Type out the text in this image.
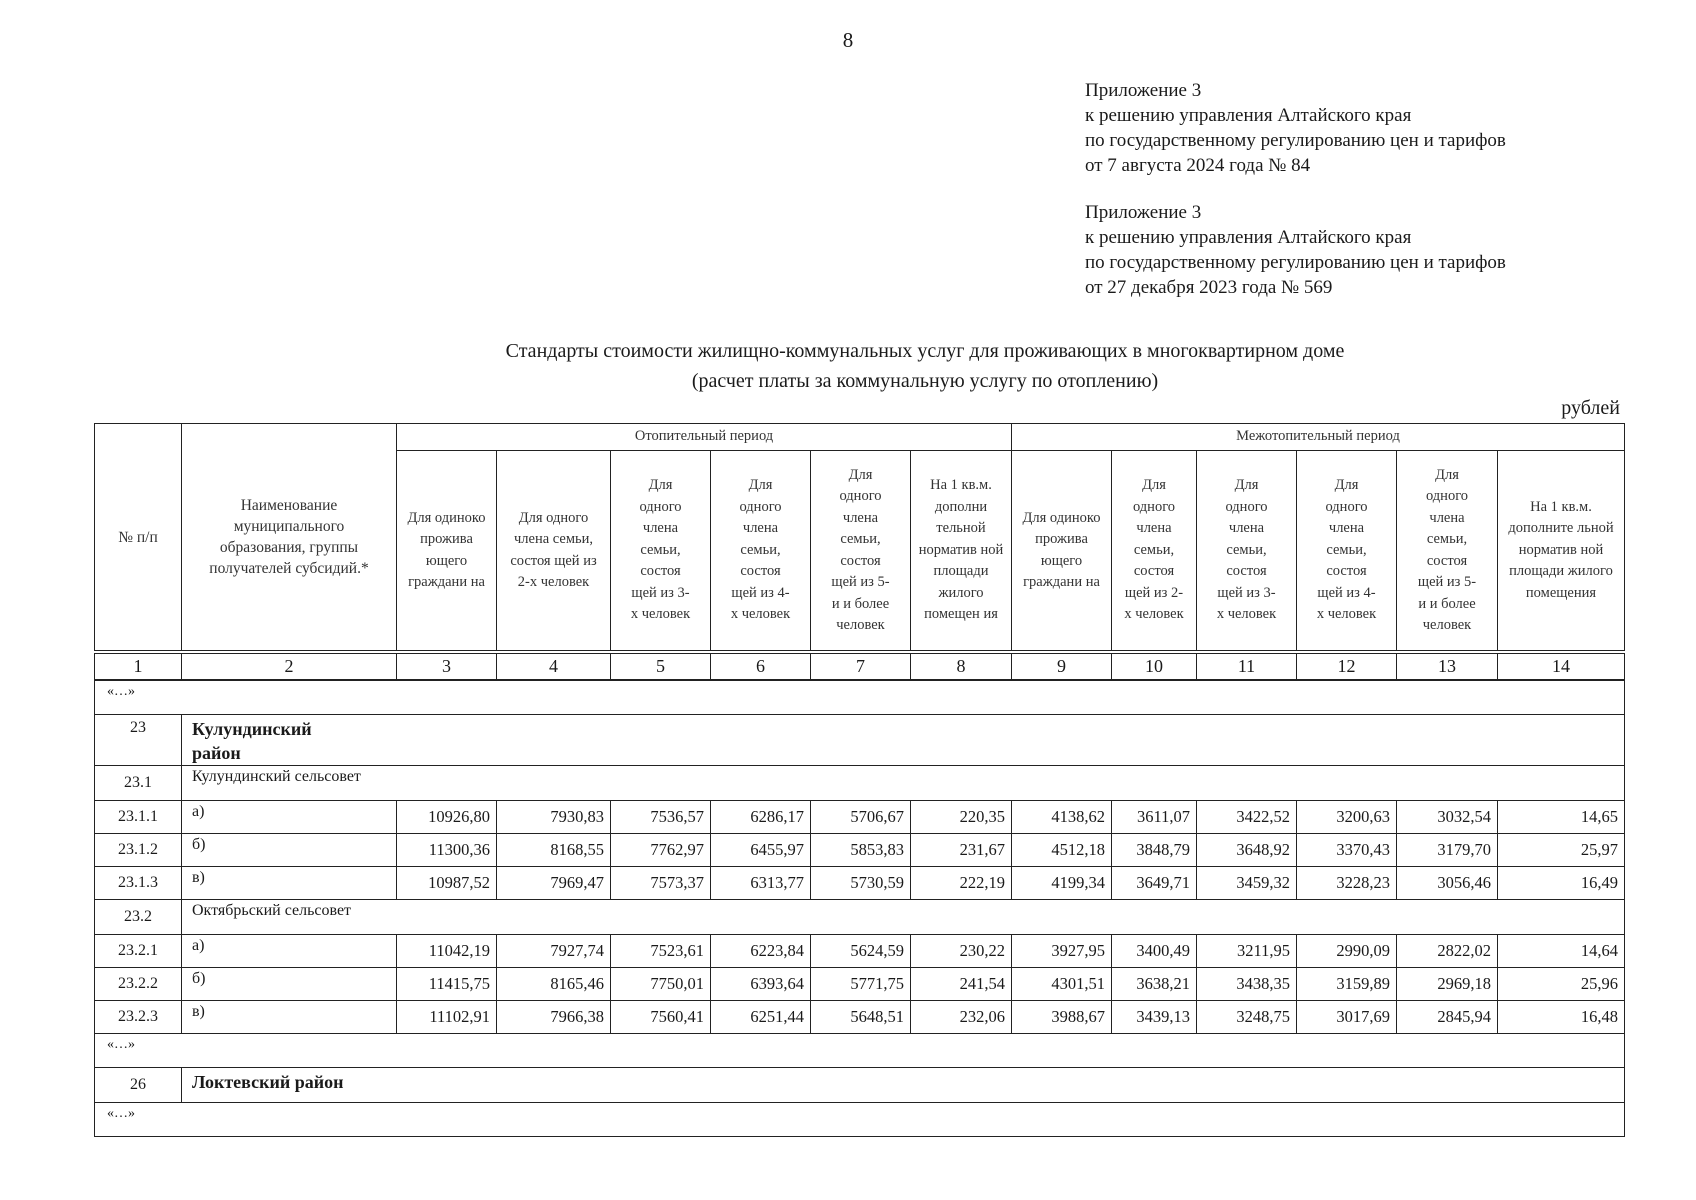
8
Приложение 3
к решению управления Алтайского края
по государственному регулированию цен и тарифов
от 7 августа 2024 года № 84
Приложение 3
к решению управления Алтайского края
по государственному регулированию цен и тарифов
от 27 декабря 2023 года № 569
Стандарты стоимости жилищно-коммунальных услуг для проживающих в многоквартирном доме
(расчет платы за коммунальную услугу по отоплению)
рублей
№ п/п	Наименование муниципального образования, группы получателей субсидий.*	Отопительный период						Межотопительный период					
		Для одиноко прожива ющего граждани на	Для одного члена семьи, состоя щей из 2-х человек	Для одного члена семьи, состоя щей из 3-х человек	Для одного члена семьи, состоя щей из 4-х человек	Для одного члена семьи, состоя щей из 5-и и более человек	На 1 кв.м. дополни тельной норматив ной площади жилого помещен ия	Для одиноко прожива ющего граждани на	Для одного члена семьи, состоя щей из 2-х человек	Для одного члена семьи, состоя щей из 3-х человек	Для одного члена семьи, состоя щей из 4-х человек	Для одного члена семьи, состоя щей из 5-и и более человек	На 1 кв.м. дополните льной норматив ной площади жилого помещения
1	2	3	4	5	6	7	8	9	10	11	12	13	14
«…»													
23	Кулундинский
район												

23.1	Кулундинский сельсовет												
23.1.1	а)	10926,80	7930,83	7536,57	6286,17	5706,67	220,35	4138,62	3611,07	3422,52	3200,63	3032,54	14,65
23.1.2	б)	11300,36	8168,55	7762,97	6455,97	5853,83	231,67	4512,18	3848,79	3648,92	3370,43	3179,70	25,97
23.1.3	в)	10987,52	7969,47	7573,37	6313,77	5730,59	222,19	4199,34	3649,71	3459,32	3228,23	3056,46	16,49
23.2	Октябрьский сельсовет												
23.2.1	а)	11042,19	7927,74	7523,61	6223,84	5624,59	230,22	3927,95	3400,49	3211,95	2990,09	2822,02	14,64
23.2.2	б)	11415,75	8165,46	7750,01	6393,64	5771,75	241,54	4301,51	3638,21	3438,35	3159,89	2969,18	25,96
23.2.3	в)	11102,91	7966,38	7560,41	6251,44	5648,51	232,06	3988,67	3439,13	3248,75	3017,69	2845,94	16,48
«…»													
26	Локтевский район												
«…»													
